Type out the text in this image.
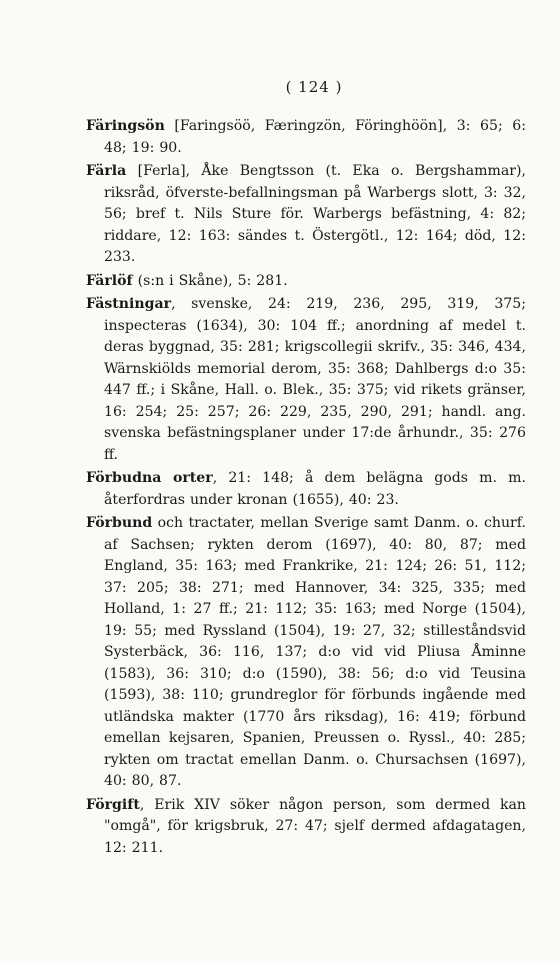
( 124 )

Färingsön [Faringsöö, Færingzön, Föringhöön], 3: 65; 6: 48; 19: 90.

Färla [Ferla], Åke Bengtsson (t. Eka o. Bergshammar), riksråd, öfverste-befallningsman på Warbergs slott, 3: 32, 56; bref t. Nils Sture för. Warbergs befästning, 4: 82; riddare, 12: 163: sändes t. Östergötl., 12: 164; död, 12: 233.

Färlöf (s:n i Skåne), 5: 281.

Fästningar, svenske, 24: 219, 236, 295, 319, 375; inspecteras (1634), 30: 104 ff.; anordning af medel t. deras byggnad, 35: 281; krigscollegii skrifv., 35: 346, 434, Wärnskiölds memorial derom, 35: 368; Dahlbergs d:o 35: 447 ff.; i Skåne, Hall. o. Blek., 35: 375; vid rikets gränser, 16: 254; 25: 257; 26: 229, 235, 290, 291; handl. ang. svenska befästningsplaner under 17:de århundr., 35: 276 ff.

Förbudna orter, 21: 148; å dem belägna gods m. m. återfordras under kronan (1655), 40: 23.

Förbund och tractater, mellan Sverige samt Danm. o. churf. af Sachsen; rykten derom (1697), 40: 80, 87; med England, 35: 163; med Frankrike, 21: 124; 26: 51, 112; 37: 205; 38: 271; med Hannover, 34: 325, 335; med Holland, 1: 27 ff.; 21: 112; 35: 163; med Norge (1504), 19: 55; med Ryssland (1504), 19: 27, 32; stilleståndsvid Systerbäck, 36: 116, 137; d:o vid vid Pliusa Åminne (1583), 36: 310; d:o (1590), 38: 56; d:o vid Teusina (1593), 38: 110; grundreglor för förbunds ingående med utländska makter (1770 års riksdag), 16: 419; förbund emellan kejsaren, Spanien, Preussen o. Ryssl., 40: 285; rykten om tractat emellan Danm. o. Chursachsen (1697), 40: 80, 87.

Förgift, Erik XIV söker någon person, som dermed kan "omgå", för krigsbruk, 27: 47; sjelf dermed afdagatagen, 12: 211.
